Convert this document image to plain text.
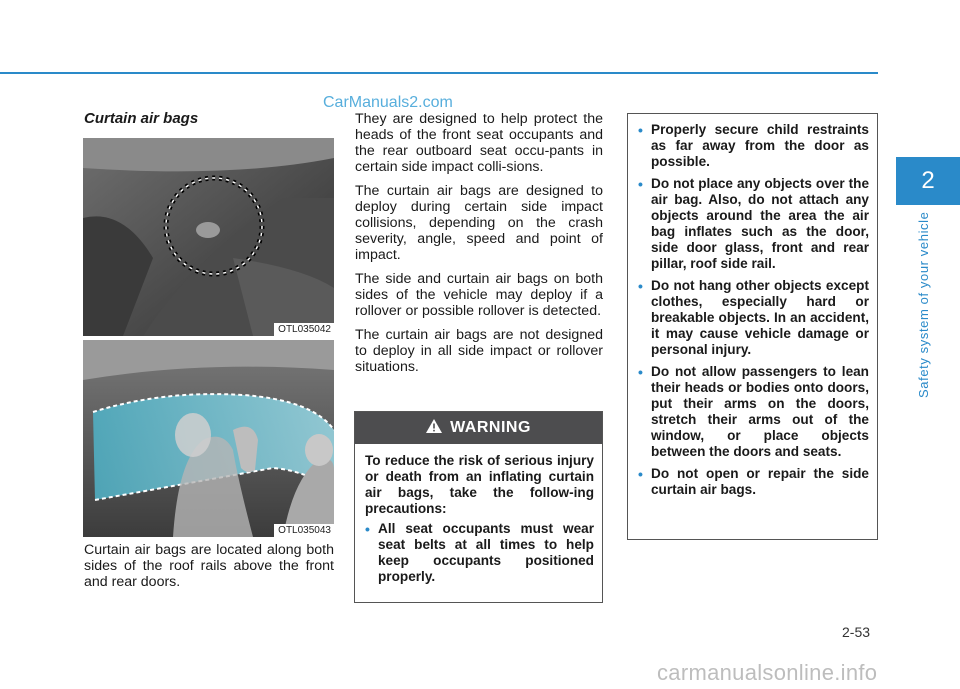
CarManuals2.com
Curtain air bags
OTL035042
OTL035043
Curtain air bags are located along both sides of the roof rails above the front and rear doors.

They are designed to help protect the heads of the front seat occupants and the rear outboard seat occu-pants in certain side impact colli-sions.

The curtain air bags are designed to deploy during certain side impact collisions, depending on the crash severity, angle, speed and point of impact.

The side and curtain air bags on both sides of the vehicle may deploy if a rollover or possible rollover is detected.

The curtain air bags are not designed to deploy in all side impact or rollover situations.

WARNING

To reduce the risk of serious injury or death from an inflating curtain air bags, take the follow-ing precautions:

• All seat occupants must wear seat belts at all times to help keep occupants positioned properly.
• Properly secure child restraints as far away from the door as possible.
• Do not place any objects over the air bag. Also, do not attach any objects around the area the air bag inflates such as the door, side door glass, front and rear pillar, roof side rail.
• Do not hang other objects except clothes, especially hard or breakable objects. In an accident, it may cause vehicle damage or personal injury.
• Do not allow passengers to lean their heads or bodies onto doors, put their arms on the doors, stretch their arms out of the window, or place objects between the doors and seats.
• Do not open or repair the side curtain air bags.
2
Safety system of your vehicle
2-53
carmanualsonline.info
